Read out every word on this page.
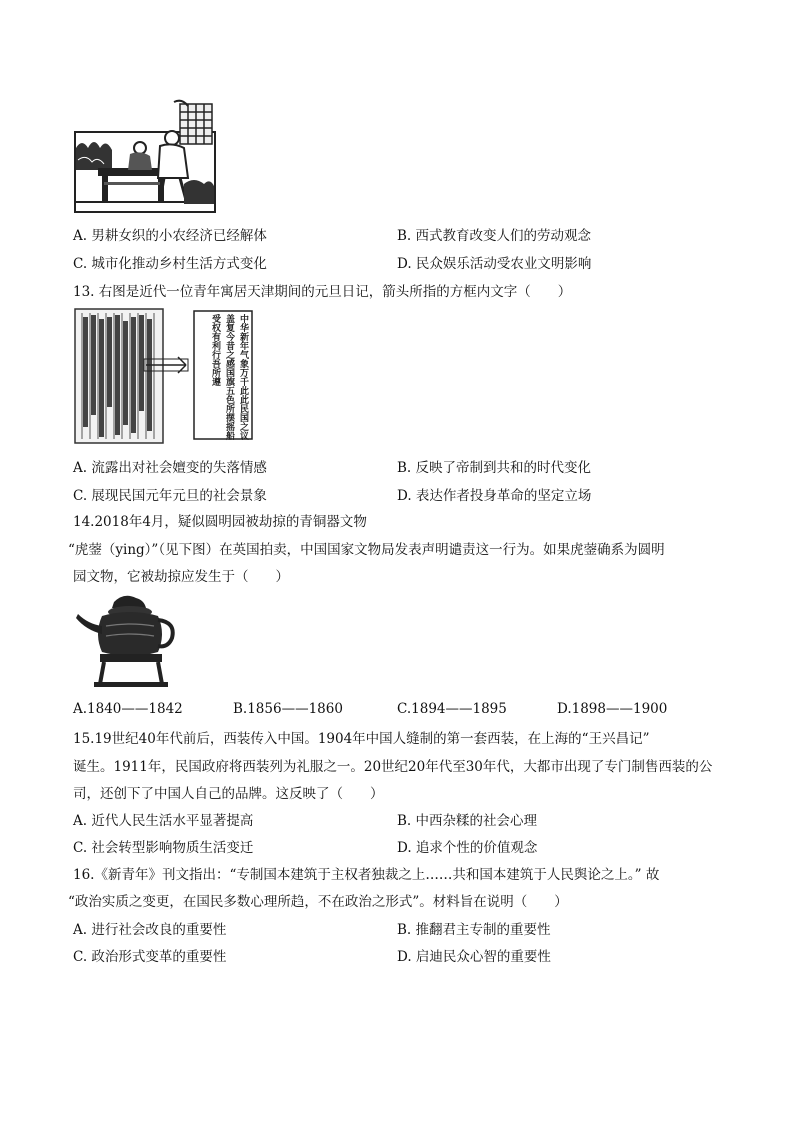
A. 男耕女织的小农经济已经解体	B. 西式教育改变人们的劳动观念
C. 城市化推动乡村生活方式变化	D. 民众娱乐活动受农业文明影响
13. 右图是近代一位青年寓居天津期间的元旦日记，箭头所指的方框内文字（　　）
中华新年气象万千此此民国之议
盖复今昔之感国旗五色所摆摇船
受权有利行吾所遵
A. 流露出对社会嬗变的失落情感	B. 反映了帝制到共和的时代变化
C. 展现民国元年元旦的社会景象	D. 表达作者投身革命的坚定立场
14.2018年4月，疑似圆明园被劫掠的青铜器文物
“虎蓥（ying）”（见下图）在英国拍卖，中国国家文物局发表声明谴责这一行为。如果虎蓥确系为圆明
园文物，它被劫掠应发生于（　　）
A.1840——1842	B.1856——1860	C.1894——1895	D.1898——1900
15.19世纪40年代前后，西装传入中国。1904年中国人缝制的第一套西装，在上海的“王兴昌记”
诞生。1911年，民国政府将西装列为礼服之一。20世纪20年代至30年代，大都市出现了专门制售西装的公
司，还创下了中国人自己的品牌。这反映了（　　）
A. 近代人民生活水平显著提高	B. 中西杂糅的社会心理
C. 社会转型影响物质生活变迁	D. 追求个性的价值观念
16.《新青年》刊文指出：“专制国本建筑于主权者独裁之上……共和国本建筑于人民舆论之上。” 故
“政治实质之变更，在国民多数心理所趋，不在政治之形式”。材料旨在说明（　　）
A. 进行社会改良的重要性	B. 推翻君主专制的重要性
C. 政治形式变革的重要性	D. 启迪民众心智的重要性
